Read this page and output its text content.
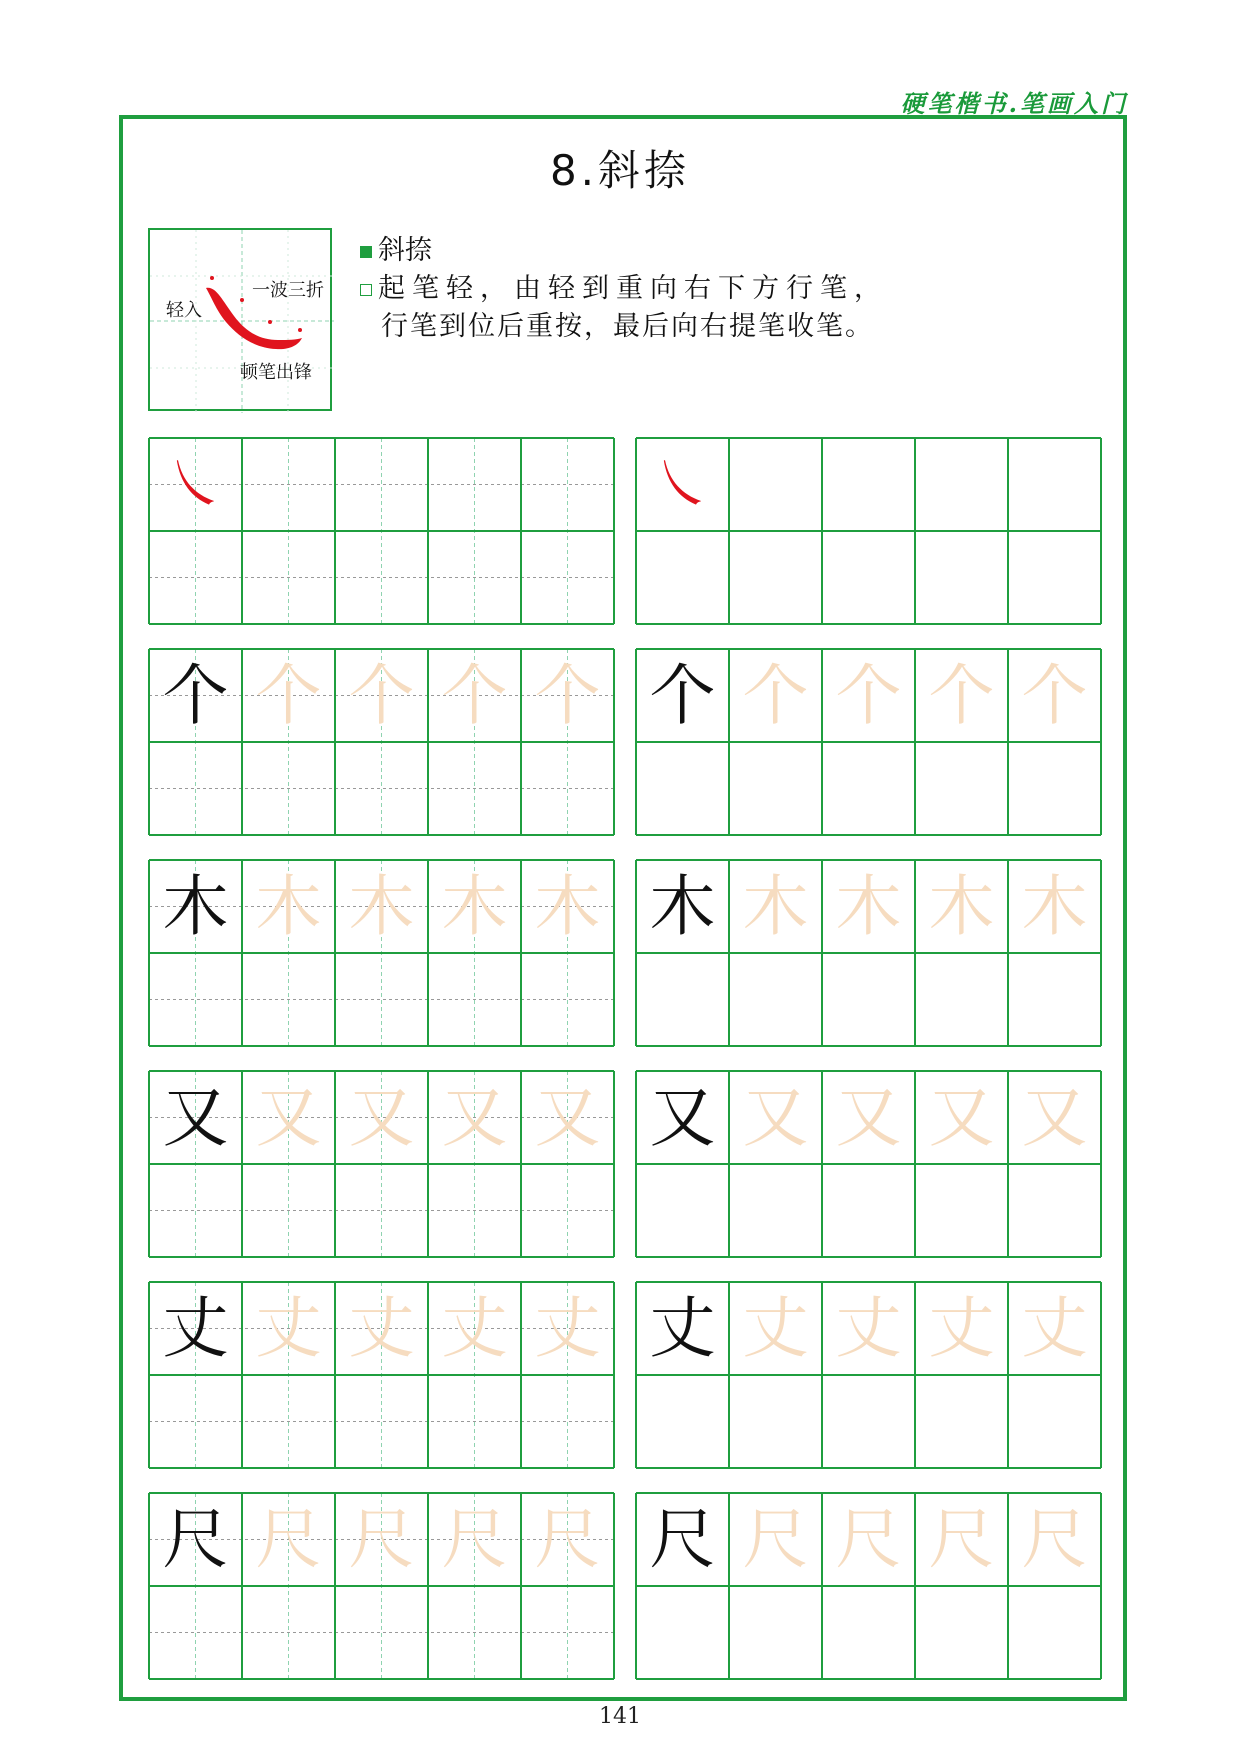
硬笔楷书.笔画入门
8.斜捺
轻入
一波三折
顿笔出锋
斜捺
起笔轻，由轻到重向右下方行笔，
行笔到位后重按，最后向右提笔收笔。
㇏	㇏
个 个 个 个 个 个 个 个 个 个
木 木 木 木 木 木 木 木 木 木
又 又 又 又 又 又 又 又 又 又
丈 丈 丈 丈 丈 丈 丈 丈 丈 丈
尺 尺 尺 尺 尺 尺 尺 尺 尺 尺
141
